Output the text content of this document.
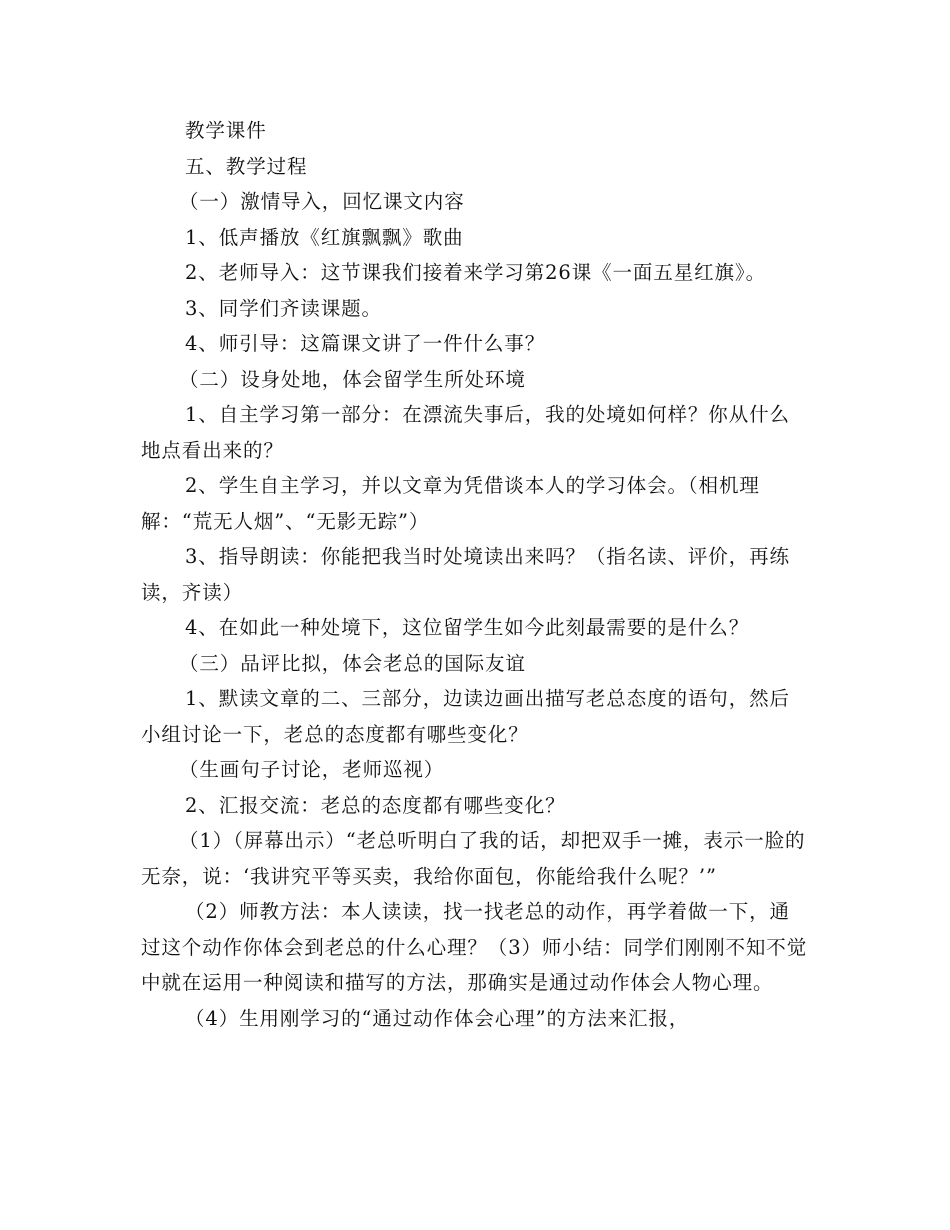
教学课件

五、教学过程

（一）激情导入，回忆课文内容

1、低声播放《红旗飘飘》歌曲

2、老师导入：这节课我们接着来学习第26课《一面五星红旗》。

3、同学们齐读课题。

4、师引导：这篇课文讲了一件什么事？

（二）设身处地，体会留学生所处环境

1、自主学习第一部分：在漂流失事后，我的处境如何样？你从什么地点看出来的？

2、学生自主学习，并以文章为凭借谈本人的学习体会。（相机理解：“荒无人烟”、“无影无踪”）

3、指导朗读：你能把我当时处境读出来吗？（指名读、评价，再练读，齐读）

4、在如此一种处境下，这位留学生如今此刻最需要的是什么？

（三）品评比拟，体会老总的国际友谊

1、默读文章的二、三部分，边读边画出描写老总态度的语句，然后小组讨论一下，老总的态度都有哪些变化？

（生画句子讨论，老师巡视）

2、汇报交流：老总的态度都有哪些变化？

（1）（屏幕出示）“老总听明白了我的话，却把双手一摊，表示一脸的无奈，说：‘我讲究平等买卖，我给你面包，你能给我什么呢？’”

（2）师教方法：本人读读，找一找老总的动作，再学着做一下，通过这个动作你体会到老总的什么心理？（3）师小结：同学们刚刚不知不觉中就在运用一种阅读和描写的方法，那确实是通过动作体会人物心理。

（4）生用刚学习的“通过动作体会心理”的方法来汇报，
